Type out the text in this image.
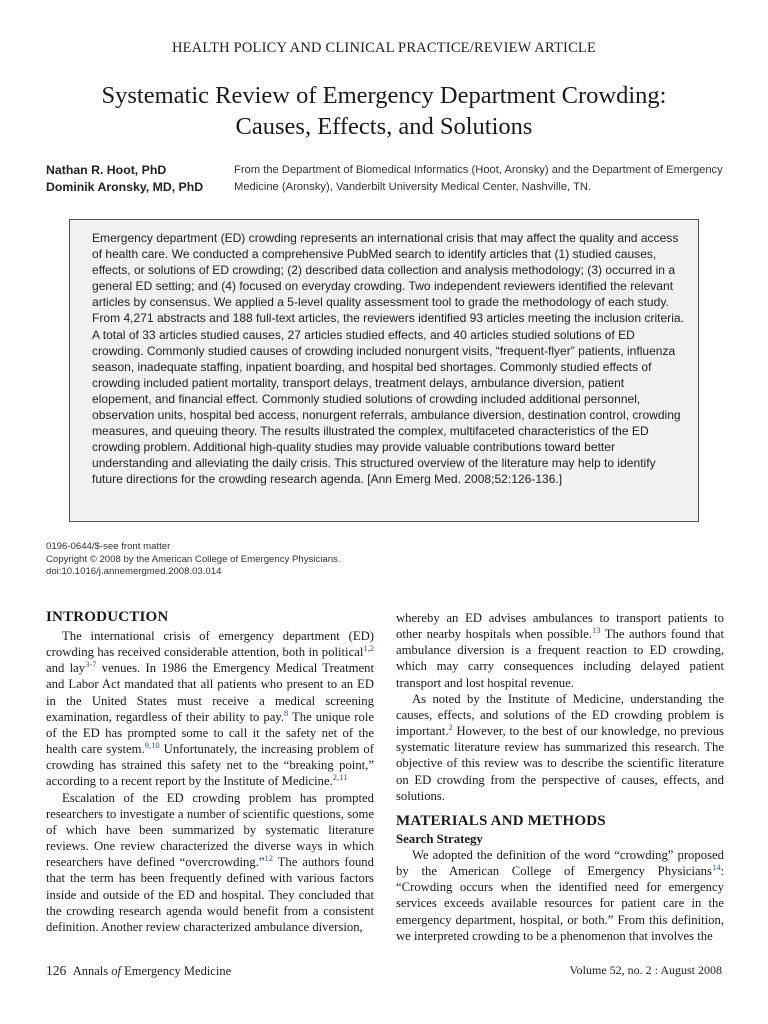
HEALTH POLICY AND CLINICAL PRACTICE/REVIEW ARTICLE
Systematic Review of Emergency Department Crowding:
Causes, Effects, and Solutions
Nathan R. Hoot, PhD
Dominik Aronsky, MD, PhD
From the Department of Biomedical Informatics (Hoot, Aronsky) and the Department of Emergency Medicine (Aronsky), Vanderbilt University Medical Center, Nashville, TN.
Emergency department (ED) crowding represents an international crisis that may affect the quality and access of health care. We conducted a comprehensive PubMed search to identify articles that (1) studied causes, effects, or solutions of ED crowding; (2) described data collection and analysis methodology; (3) occurred in a general ED setting; and (4) focused on everyday crowding. Two independent reviewers identified the relevant articles by consensus. We applied a 5-level quality assessment tool to grade the methodology of each study. From 4,271 abstracts and 188 full-text articles, the reviewers identified 93 articles meeting the inclusion criteria. A total of 33 articles studied causes, 27 articles studied effects, and 40 articles studied solutions of ED crowding. Commonly studied causes of crowding included nonurgent visits, “frequent-flyer” patients, influenza season, inadequate staffing, inpatient boarding, and hospital bed shortages. Commonly studied effects of crowding included patient mortality, transport delays, treatment delays, ambulance diversion, patient elopement, and financial effect. Commonly studied solutions of crowding included additional personnel, observation units, hospital bed access, nonurgent referrals, ambulance diversion, destination control, crowding measures, and queuing theory. The results illustrated the complex, multifaceted characteristics of the ED crowding problem. Additional high-quality studies may provide valuable contributions toward better understanding and alleviating the daily crisis. This structured overview of the literature may help to identify future directions for the crowding research agenda. [Ann Emerg Med. 2008;52:126-136.]
0196-0644/$-see front matter
Copyright © 2008 by the American College of Emergency Physicians.
doi:10.1016/j.annemergmed.2008.03.014
INTRODUCTION

The international crisis of emergency department (ED) crowding has received considerable attention, both in political$^{1,2}$ and lay$^{3-7}$ venues. In 1986 the Emergency Medical Treatment and Labor Act mandated that all patients who present to an ED in the United States must receive a medical screening examination, regardless of their ability to pay.$^8$ The unique role of the ED has prompted some to call it the safety net of the health care system.$^{9,10}$ Unfortunately, the increasing problem of crowding has strained this safety net to the “breaking point,” according to a recent report by the Institute of Medicine.$^{2,11}$

Escalation of the ED crowding problem has prompted researchers to investigate a number of scientific questions, some of which have been summarized by systematic literature reviews. One review characterized the diverse ways in which researchers have defined “overcrowding.”$^{12}$ The authors found that the term has been frequently defined with various factors inside and outside of the ED and hospital. They concluded that the crowding research agenda would benefit from a consistent definition. Another review characterized ambulance diversion,

whereby an ED advises ambulances to transport patients to other nearby hospitals when possible.$^{13}$ The authors found that ambulance diversion is a frequent reaction to ED crowding, which may carry consequences including delayed patient transport and lost hospital revenue.

As noted by the Institute of Medicine, understanding the causes, effects, and solutions of the ED crowding problem is important.$^2$ However, to the best of our knowledge, no previous systematic literature review has summarized this research. The objective of this review was to describe the scientific literature on ED crowding from the perspective of causes, effects, and solutions.

MATERIALS AND METHODS
Search Strategy

We adopted the definition of the word “crowding” proposed by the American College of Emergency Physicians$^{14}$: “Crowding occurs when the identified need for emergency services exceeds available resources for patient care in the emergency department, hospital, or both.” From this definition, we interpreted crowding to be a phenomenon that involves the

126 Annals of Emergency Medicine	Volume 52, no. 2 : August 2008
